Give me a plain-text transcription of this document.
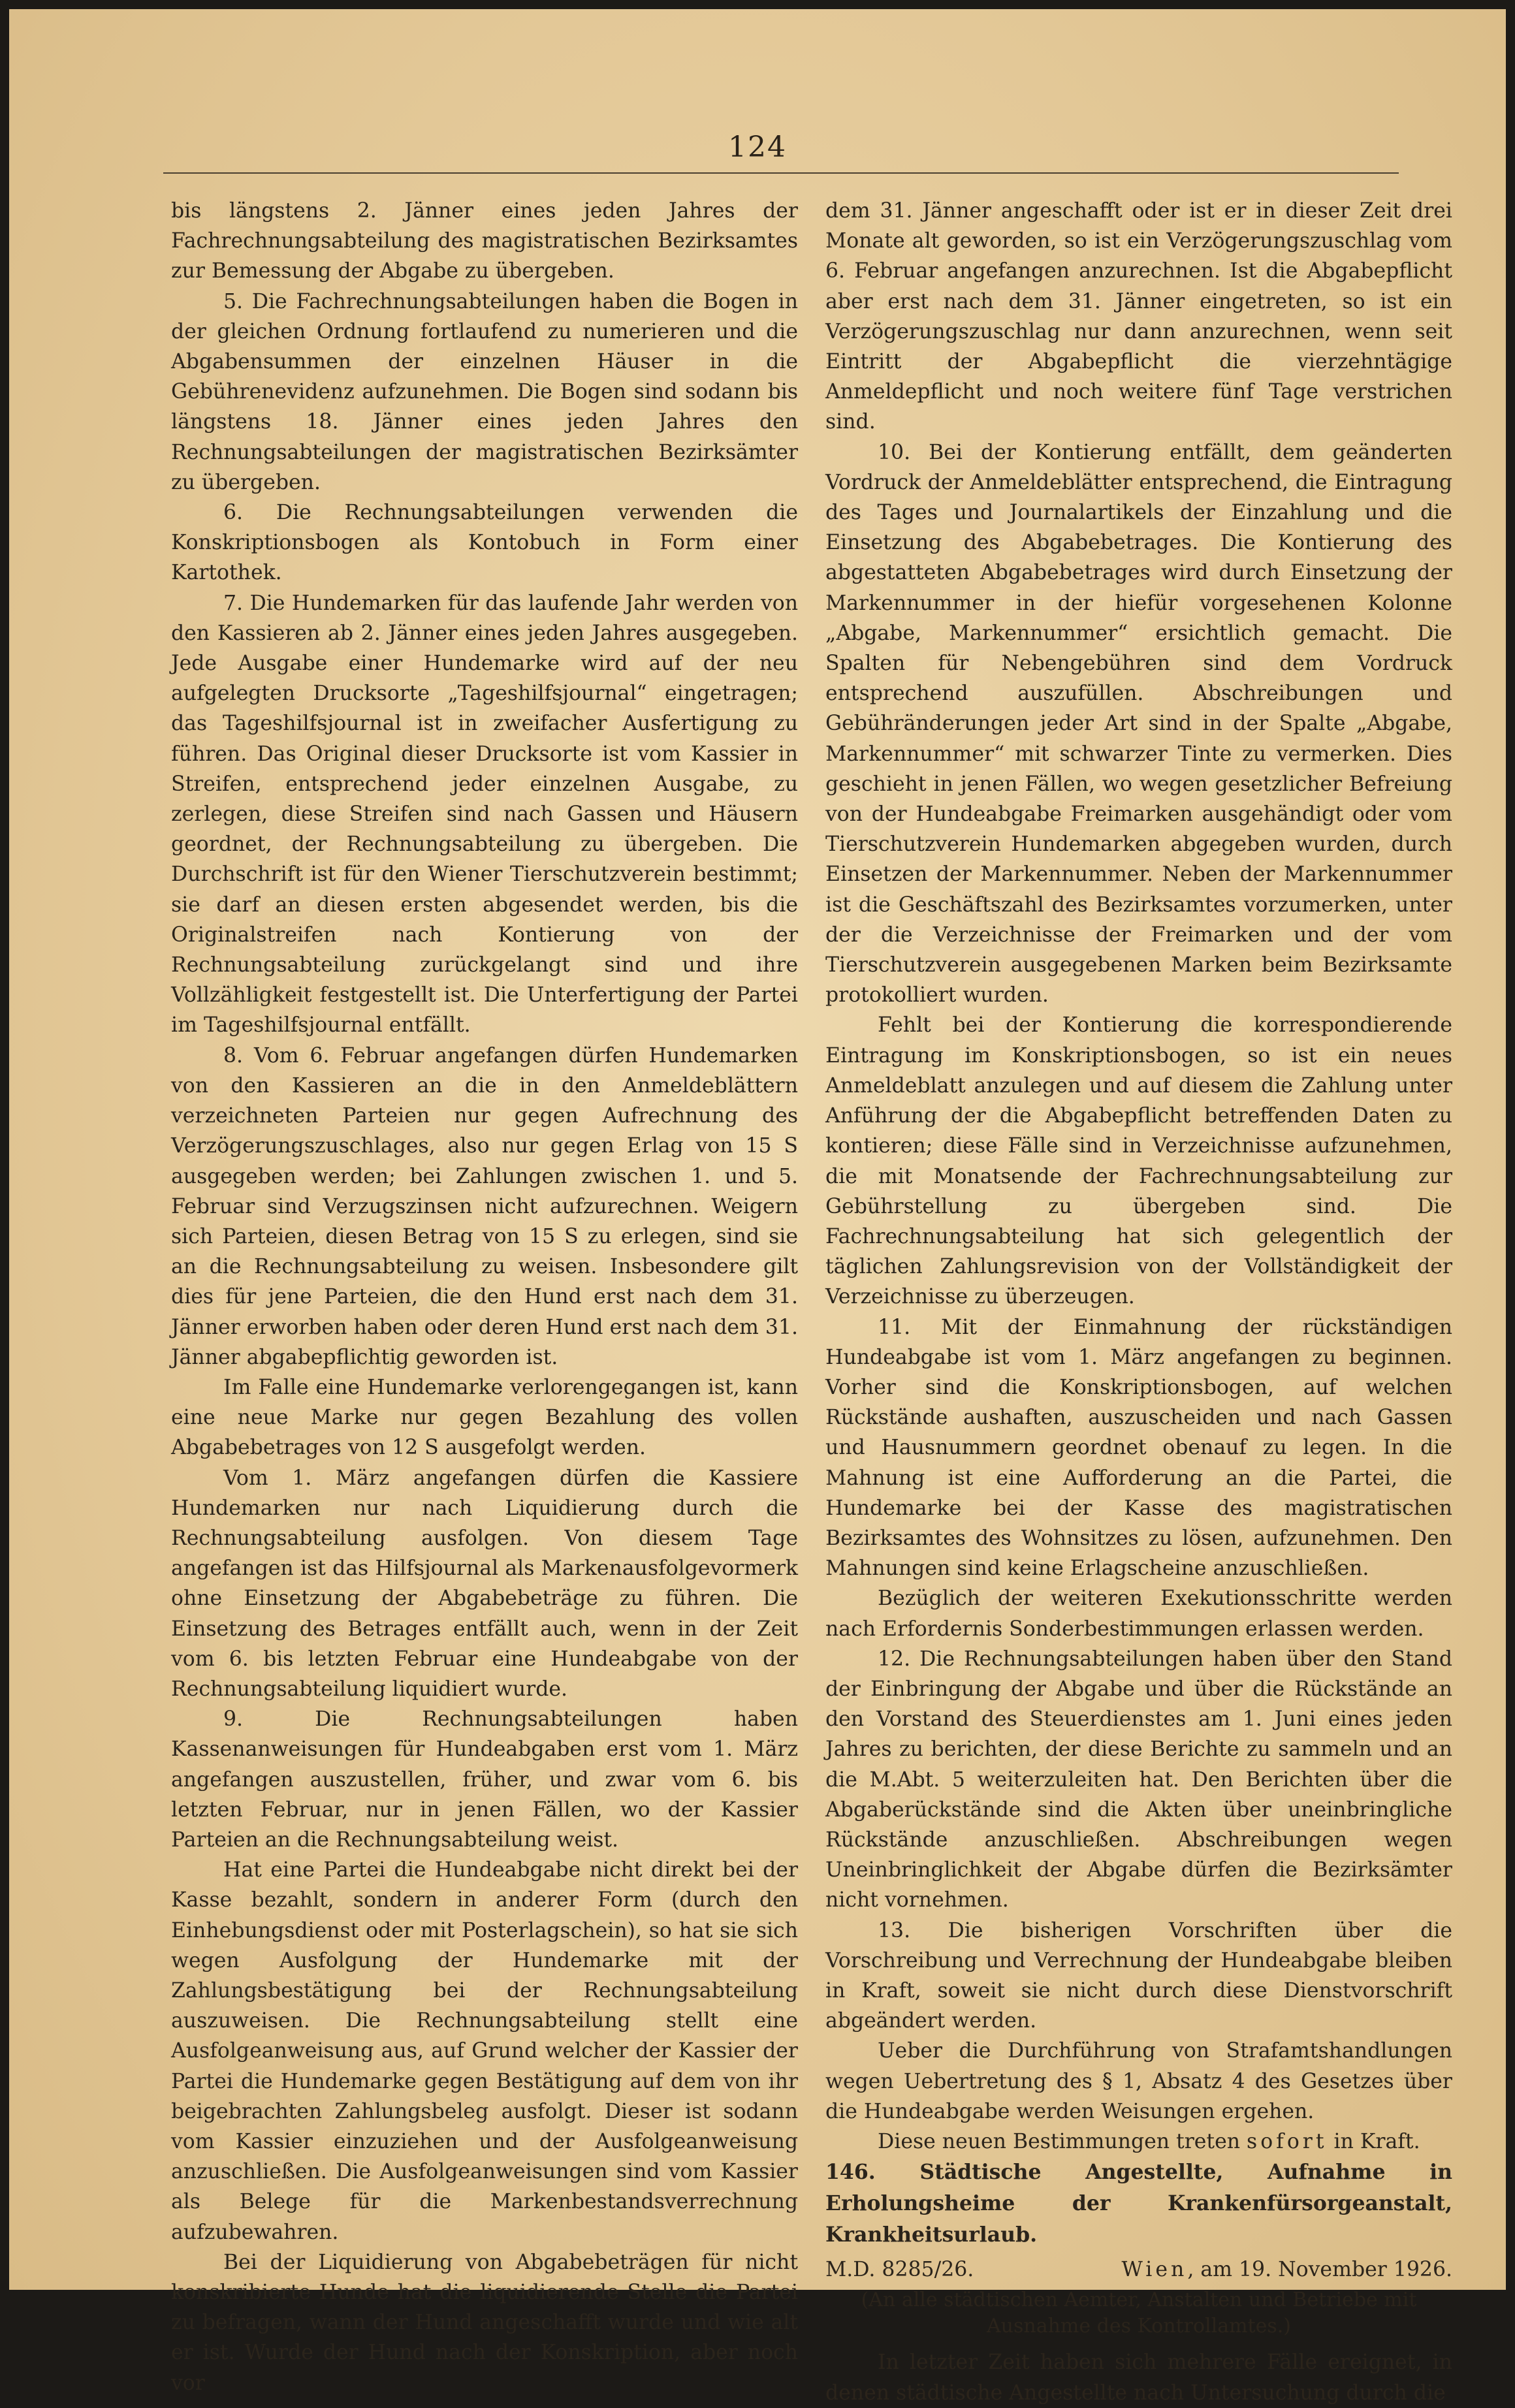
124

bis längstens 2. Jänner eines jeden Jahres der Fachrechnungsabteilung des magistratischen Bezirksamtes zur Bemessung der Abgabe zu übergeben.

5. Die Fachrechnungsabteilungen haben die Bogen in der gleichen Ordnung fortlaufend zu numerieren und die Abgabensummen der einzelnen Häuser in die Gebührenevidenz aufzunehmen. Die Bogen sind sodann bis längstens 18. Jänner eines jeden Jahres den Rechnungsabteilungen der magistratischen Bezirksämter zu übergeben.

6. Die Rechnungsabteilungen verwenden die Konskriptionsbogen als Kontobuch in Form einer Kartothek.

7. Die Hundemarken für das laufende Jahr werden von den Kassieren ab 2. Jänner eines jeden Jahres ausgegeben. Jede Ausgabe einer Hundemarke wird auf der neu aufgelegten Drucksorte „Tageshilfsjournal“ eingetragen; das Tageshilfsjournal ist in zweifacher Ausfertigung zu führen. Das Original dieser Drucksorte ist vom Kassier in Streifen, entsprechend jeder einzelnen Ausgabe, zu zerlegen, diese Streifen sind nach Gassen und Häusern geordnet, der Rechnungsabteilung zu übergeben. Die Durchschrift ist für den Wiener Tierschutzverein bestimmt; sie darf an diesen ersten abgesendet werden, bis die Originalstreifen nach Kontierung von der Rechnungsabteilung zurückgelangt sind und ihre Vollzähligkeit festgestellt ist. Die Unterfertigung der Partei im Tageshilfsjournal entfällt.

8. Vom 6. Februar angefangen dürfen Hundemarken von den Kassieren an die in den Anmeldeblättern verzeichneten Parteien nur gegen Aufrechnung des Verzögerungszuschlages, also nur gegen Erlag von 15 S ausgegeben werden; bei Zahlungen zwischen 1. und 5. Februar sind Verzugszinsen nicht aufzurechnen. Weigern sich Parteien, diesen Betrag von 15 S zu erlegen, sind sie an die Rechnungsabteilung zu weisen. Insbesondere gilt dies für jene Parteien, die den Hund erst nach dem 31. Jänner erworben haben oder deren Hund erst nach dem 31. Jänner abgabepflichtig geworden ist.

Im Falle eine Hundemarke verlorengegangen ist, kann eine neue Marke nur gegen Bezahlung des vollen Abgabebetrages von 12 S ausgefolgt werden.

Vom 1. März angefangen dürfen die Kassiere Hundemarken nur nach Liquidierung durch die Rechnungsabteilung ausfolgen. Von diesem Tage angefangen ist das Hilfsjournal als Markenausfolgevormerk ohne Einsetzung der Abgabebeträge zu führen. Die Einsetzung des Betrages entfällt auch, wenn in der Zeit vom 6. bis letzten Februar eine Hundeabgabe von der Rechnungsabteilung liquidiert wurde.

9. Die Rechnungsabteilungen haben Kassenanweisungen für Hundeabgaben erst vom 1. März angefangen auszustellen, früher, und zwar vom 6. bis letzten Februar, nur in jenen Fällen, wo der Kassier Parteien an die Rechnungsabteilung weist.

Hat eine Partei die Hundeabgabe nicht direkt bei der Kasse bezahlt, sondern in anderer Form (durch den Einhebungsdienst oder mit Posterlagschein), so hat sie sich wegen Ausfolgung der Hundemarke mit der Zahlungsbestätigung bei der Rechnungsabteilung auszuweisen. Die Rechnungsabteilung stellt eine Ausfolgeanweisung aus, auf Grund welcher der Kassier der Partei die Hundemarke gegen Bestätigung auf dem von ihr beigebrachten Zahlungsbeleg ausfolgt. Dieser ist sodann vom Kassier einzuziehen und der Ausfolgeanweisung anzuschließen. Die Ausfolgeanweisungen sind vom Kassier als Belege für die Markenbestandsverrechnung aufzubewahren.

Bei der Liquidierung von Abgabebeträgen für nicht konskribierte Hunde hat die liquidierende Stelle die Partei zu befragen, wann der Hund angeschafft wurde und wie alt er ist. Wurde der Hund nach der Konskription, aber noch vor

dem 31. Jänner angeschafft oder ist er in dieser Zeit drei Monate alt geworden, so ist ein Verzögerungszuschlag vom 6. Februar angefangen anzurechnen. Ist die Abgabepflicht aber erst nach dem 31. Jänner eingetreten, so ist ein Verzögerungszuschlag nur dann anzurechnen, wenn seit Eintritt der Abgabepflicht die vierzehntägige Anmeldepflicht und noch weitere fünf Tage verstrichen sind.

10. Bei der Kontierung entfällt, dem geänderten Vordruck der Anmeldeblätter entsprechend, die Eintragung des Tages und Journalartikels der Einzahlung und die Einsetzung des Abgabebetrages. Die Kontierung des abgestatteten Abgabebetrages wird durch Einsetzung der Markennummer in der hiefür vorgesehenen Kolonne „Abgabe, Markennummer“ ersichtlich gemacht. Die Spalten für Nebengebühren sind dem Vordruck entsprechend auszufüllen. Abschreibungen und Gebühränderungen jeder Art sind in der Spalte „Abgabe, Markennummer“ mit schwarzer Tinte zu vermerken. Dies geschieht in jenen Fällen, wo wegen gesetzlicher Befreiung von der Hundeabgabe Freimarken ausgehändigt oder vom Tierschutzverein Hundemarken abgegeben wurden, durch Einsetzen der Markennummer. Neben der Markennummer ist die Geschäftszahl des Bezirksamtes vorzumerken, unter der die Verzeichnisse der Freimarken und der vom Tierschutzverein ausgegebenen Marken beim Bezirksamte protokolliert wurden.

Fehlt bei der Kontierung die korrespondierende Eintragung im Konskriptionsbogen, so ist ein neues Anmeldeblatt anzulegen und auf diesem die Zahlung unter Anführung der die Abgabepflicht betreffenden Daten zu kontieren; diese Fälle sind in Verzeichnisse aufzunehmen, die mit Monatsende der Fachrechnungsabteilung zur Gebührstellung zu übergeben sind. Die Fachrechnungsabteilung hat sich gelegentlich der täglichen Zahlungsrevision von der Vollständigkeit der Verzeichnisse zu überzeugen.

11. Mit der Einmahnung der rückständigen Hundeabgabe ist vom 1. März angefangen zu beginnen. Vorher sind die Konskriptionsbogen, auf welchen Rückstände aushaften, auszuscheiden und nach Gassen und Hausnummern geordnet obenauf zu legen. In die Mahnung ist eine Aufforderung an die Partei, die Hundemarke bei der Kasse des magistratischen Bezirksamtes des Wohnsitzes zu lösen, aufzunehmen. Den Mahnungen sind keine Erlagscheine anzuschließen.

Bezüglich der weiteren Exekutionsschritte werden nach Erfordernis Sonderbestimmungen erlassen werden.

12. Die Rechnungsabteilungen haben über den Stand der Einbringung der Abgabe und über die Rückstände an den Vorstand des Steuerdienstes am 1. Juni eines jeden Jahres zu berichten, der diese Berichte zu sammeln und an die M.Abt. 5 weiterzuleiten hat. Den Berichten über die Abgaberückstände sind die Akten über uneinbringliche Rückstände anzuschließen. Abschreibungen wegen Uneinbringlichkeit der Abgabe dürfen die Bezirksämter nicht vornehmen.

13. Die bisherigen Vorschriften über die Vorschreibung und Verrechnung der Hundeabgabe bleiben in Kraft, soweit sie nicht durch diese Dienstvorschrift abgeändert werden.

Ueber die Durchführung von Strafamtshandlungen wegen Uebertretung des § 1, Absatz 4 des Gesetzes über die Hundeabgabe werden Weisungen ergehen.

Diese neuen Bestimmungen treten sofort in Kraft.

146. Städtische Angestellte, Aufnahme in Erholungsheime der Krankenfürsorgeanstalt, Krankheitsurlaub.

M.D. 8285/26.	Wien, am 19. November 1926.
(An alle städtischen Aemter, Anstalten und Betriebe mit Ausnahme des Kontrollamtes.)

In letzter Zeit haben sich mehrere Fälle ereignet, in denen städtische Angestellte nach Untersuchung durch die
